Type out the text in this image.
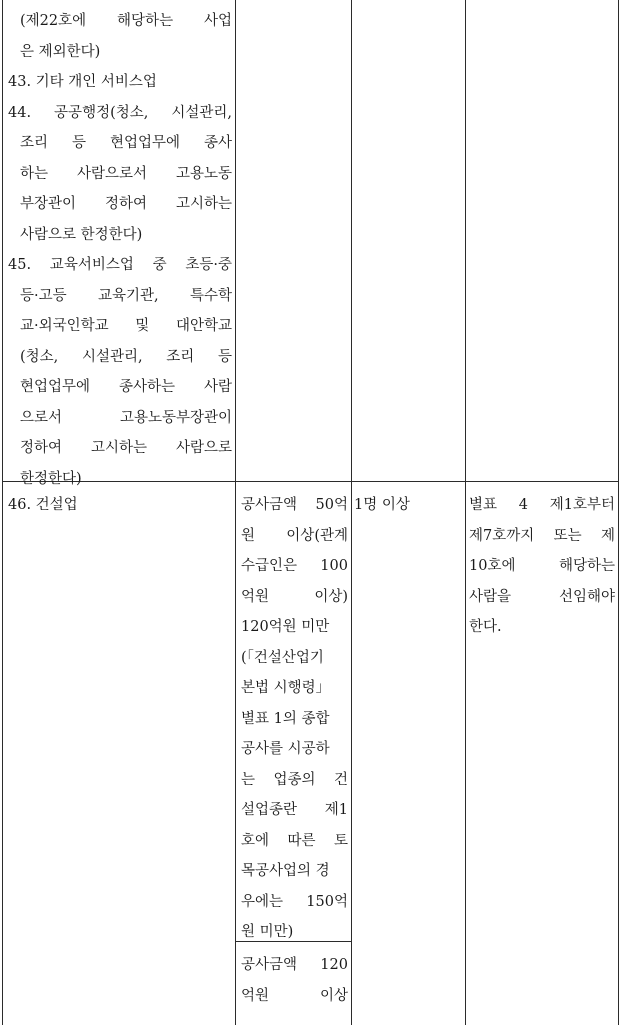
(제22호에 해당하는 사업
은 제외한다)
43. 기타 개인 서비스업
44. 공공행정(청소, 시설관리,
조리 등 현업업무에 종사
하는 사람으로서 고용노동
부장관이 정하여 고시하는
사람으로 한정한다)
45. 교육서비스업 중 초등·중
등·고등 교육기관, 특수학
교·외국인학교 및 대안학교
(청소, 시설관리, 조리 등
현업업무에 종사하는 사람
으로서 고용노동부장관이
정하여 고시하는 사람으로
한정한다)
46. 건설업	공사금액 50억
원 이상(관계
수급인은 100
억원 이상)
120억원 미만
(「건설산업기
본법 시행령」
별표 1의 종합
공사를 시공하
는 업종의 건
설업종란 제1
호에 따른 토
목공사업의 경
우에는 150억
원 미만)
1명 이상	별표 4 제1호부터
제7호까지 또는 제
10호에 해당하는
사람을 선임해야
한다.
공사금액 120
억원 이상
